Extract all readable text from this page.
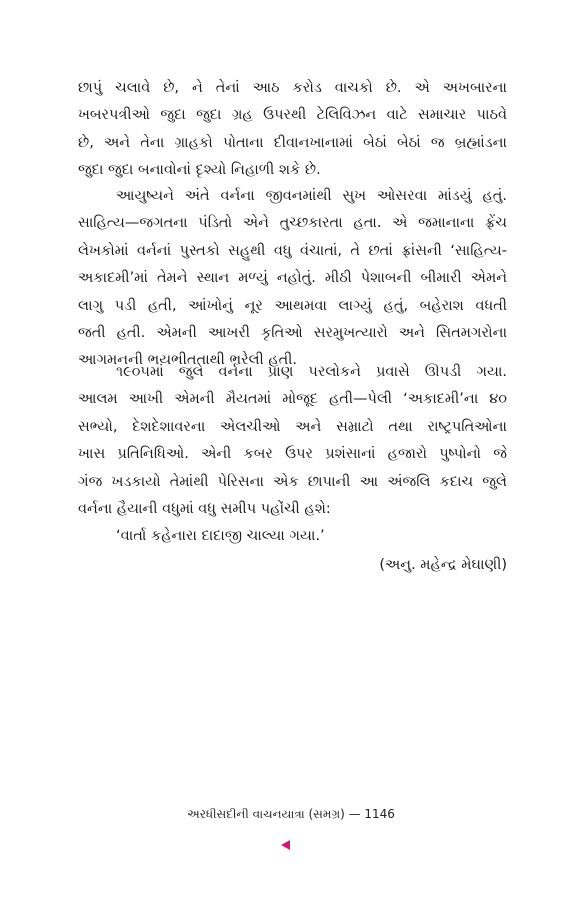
છાપું ચલાવે છે, ને તેનાં આઠ કરોડ વાચકો છે. એ અખબારના

ખબરપત્રીઓ જુદા જુદા ગ્રહ ઉપરથી ટેલિવિઝન વાટે સમાચાર પાઠવે

છે, અને તેના ગ્રાહકો પોતાના દીવાનખાનામાં બેઠાં બેઠાં જ બ્રહ્માંડના

જુદા જુદા બનાવોનાં દૃશ્યો નિહાળી શકે છે.

આયુષ્યને અંતે વર્નના જીવનમાંથી સુખ ઓસરવા માંડયું હતું.

સાહિત્ય—જગતના પંડિતો એને તુચ્છકારતા હતા. એ જમાનાના ફ્રેંચ

લેખકોમાં વર્નનાં પુસ્તકો સહુથી વધુ વંચાતાં, તે છતાં ફ્રાંસની ‘સાહિત્ય-

અકાદમી’માં તેમને સ્થાન મળ્યું નહોતું. મીઠી પેશાબની બીમારી એમને

લાગુ પડી હતી, આંખોનું નૂર આથમવા લાગ્યું હતું, બહેરાશ વધતી

જતી હતી. એમની આખરી કૃતિઓ સરમુખત્યારો અને સિતમગરોના

આગમનની ભયભીતતાથી ભરેલી હતી.

૧૯૦૫માં જુલે વર્નના પ્રાણ પરલોકને પ્રવાસે ઊપડી ગયા.

આલમ આખી એમની મૈયતમાં મોજૂદ હતી—પેલી ‘અકાદમી’ના ૪૦

સભ્યો, દેશદેશાવરના એલચીઓ અને સમ્રાટો તથા રાષ્ટ્રપતિઓના

ખાસ પ્રતિનિધિઓ. એની કબર ઉપર પ્રશંસાનાં હજારો પુષ્પોનો જે

ગંજ ખડકાયો તેમાંથી પેરિસના એક છાપાની આ અંજલિ કદાચ જુલે

વર્નના હૈયાની વધુમાં વધુ સમીપ પહોંચી હશે:

‘વાર્તા કહેનારા દાદાજી ચાલ્યા ગયા.’
(અનુ. મહેન્દ્ર મેઘાણી)
અરધીસદીની વાચનયાત્રા (સમગ્ર) — 1146
